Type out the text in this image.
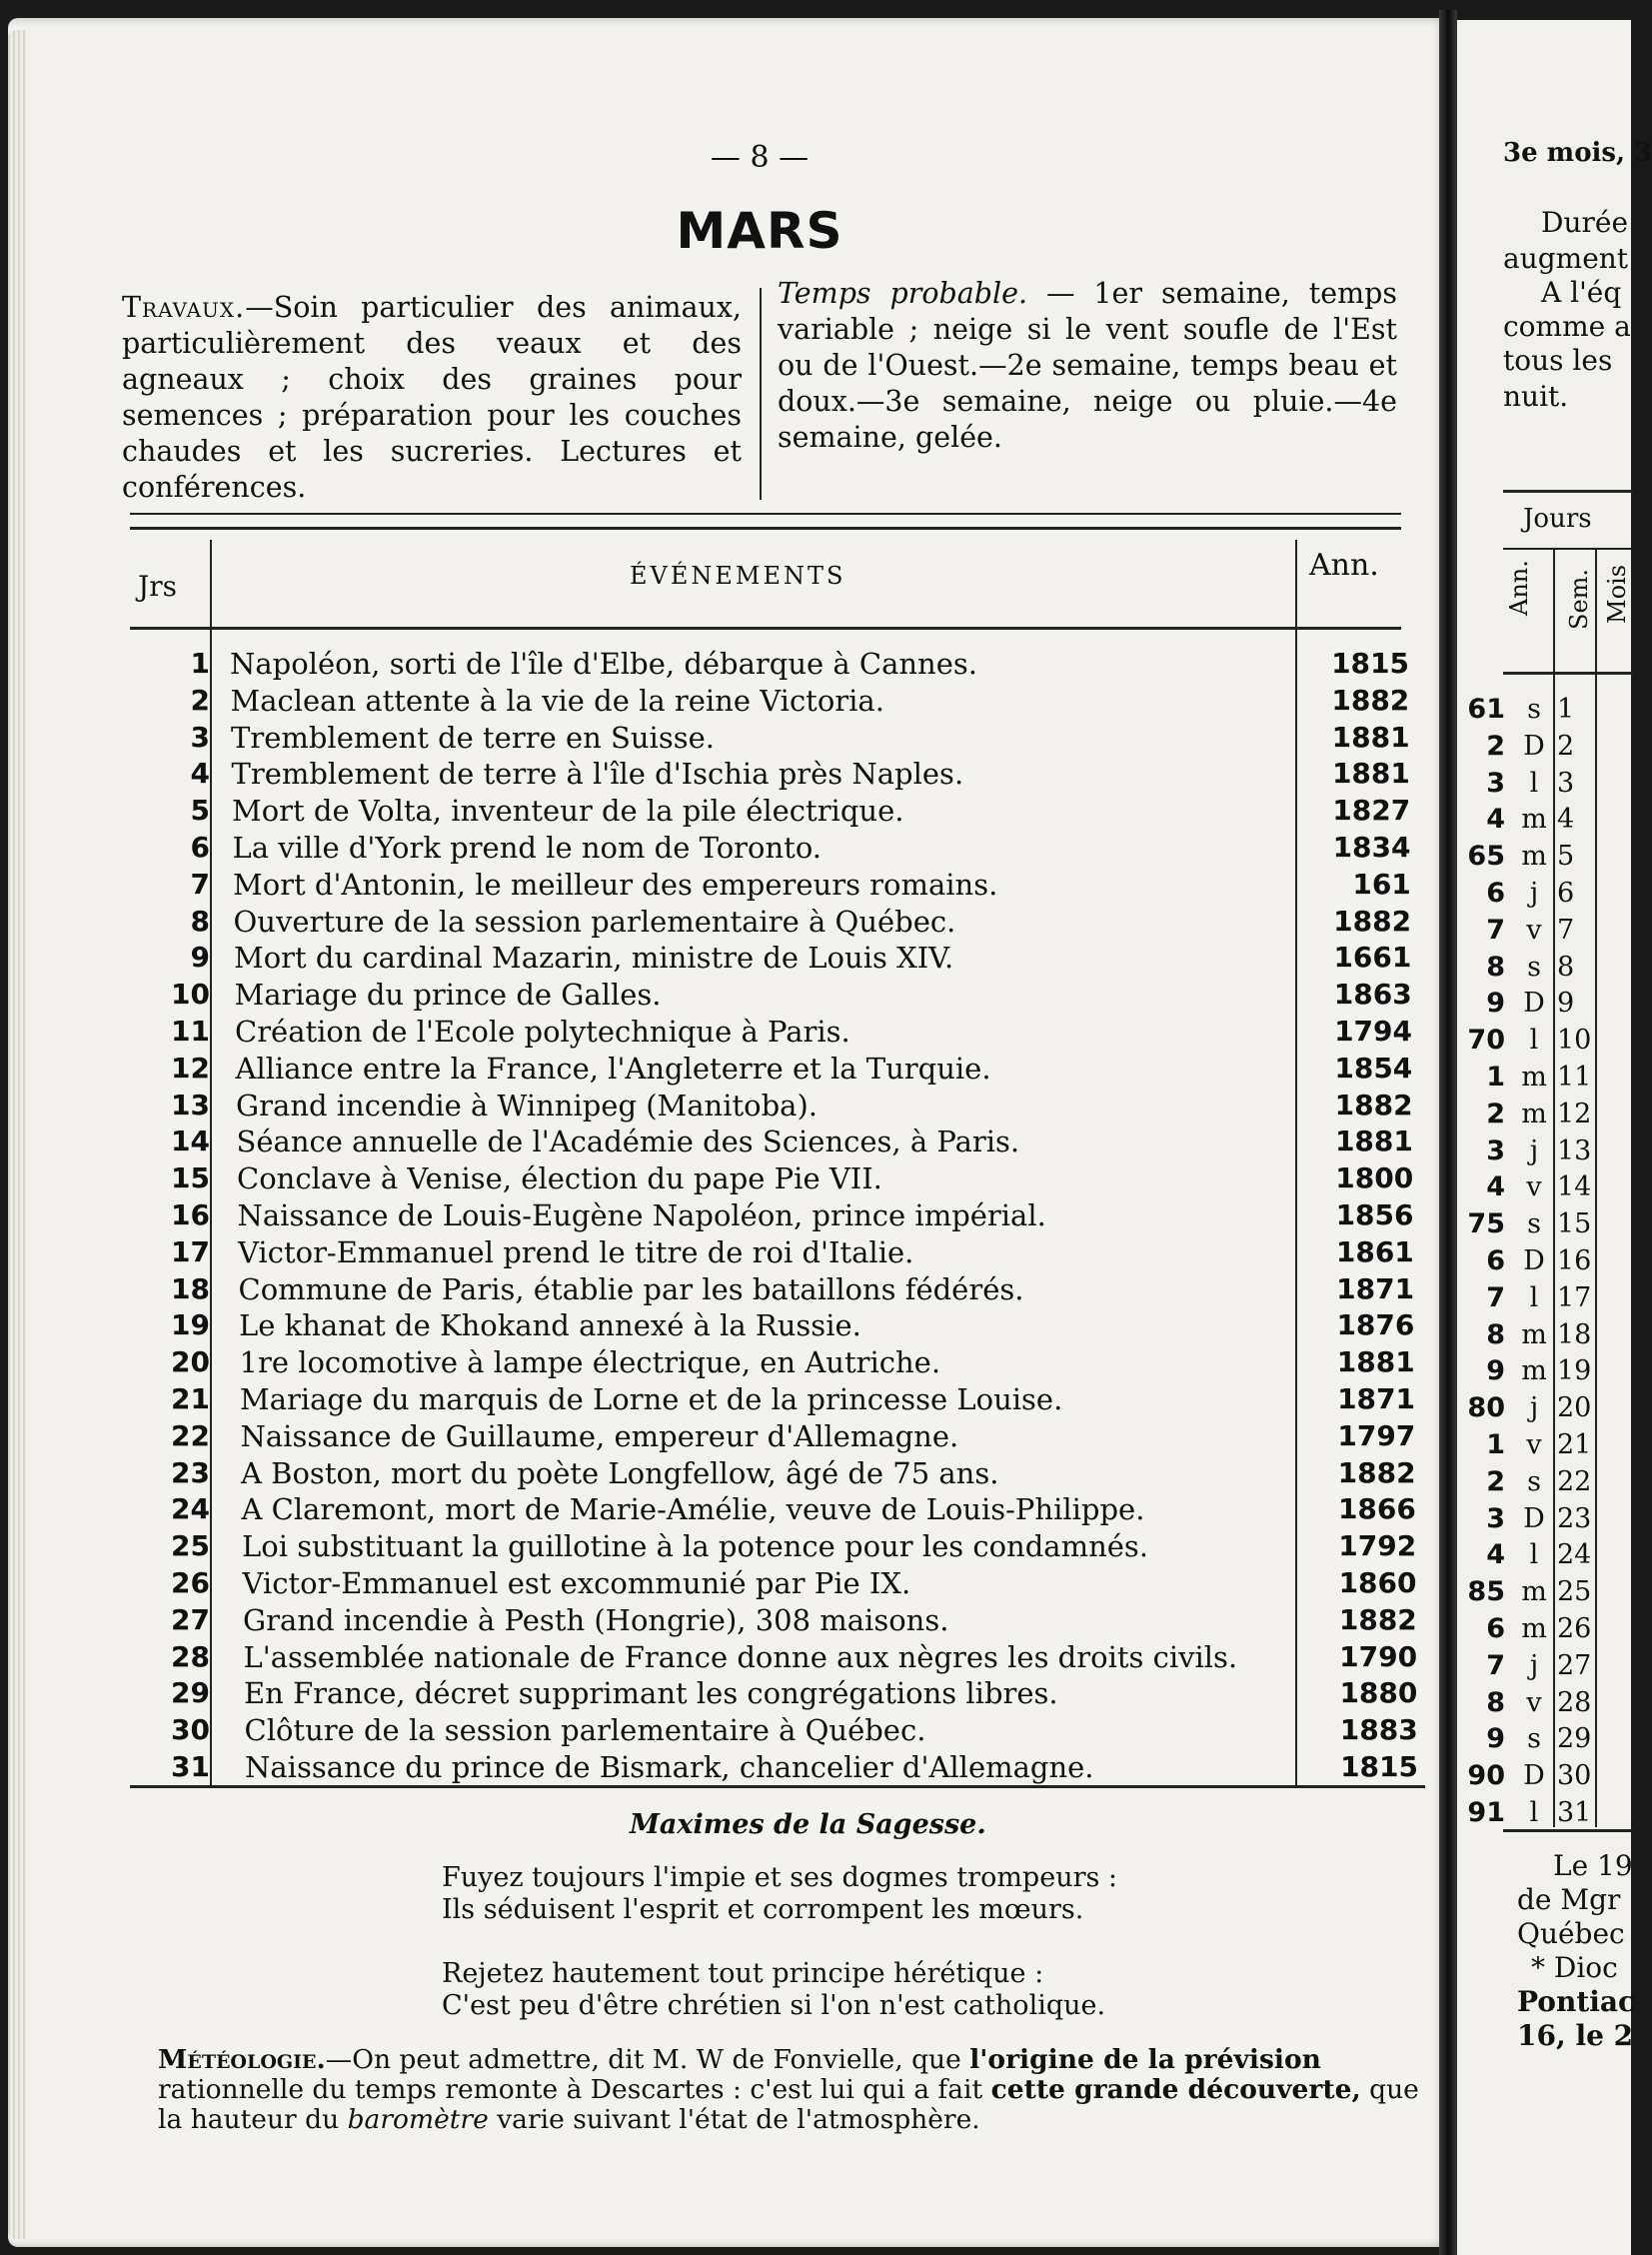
— 8 —
MARS
Travaux.—Soin particulier des animaux, particulièrement des veaux et des agneaux ; choix des graines pour semences ; préparation pour les couches chaudes et les sucreries. Lectures et conférences.
Temps probable. — 1er semaine, temps variable ; neige si le vent soufle de l'Est ou de l'Ouest.—2e semaine, temps beau et doux.—3e semaine, neige ou pluie.—4e semaine, gelée.
Jrs	ÉVÉNEMENTS	Ann.
1 Napoléon, sorti de l'île d'Elbe, débarque à Cannes.	1815
2 Maclean attente à la vie de la reine Victoria.	1882
3 Tremblement de terre en Suisse.	1881
4 Tremblement de terre à l'île d'Ischia près Naples.	1881
5 Mort de Volta, inventeur de la pile électrique.	1827
6 La ville d'York prend le nom de Toronto.	1834
7 Mort d'Antonin, le meilleur des empereurs romains.	161
8 Ouverture de la session parlementaire à Québec.	1882
9 Mort du cardinal Mazarin, ministre de Louis XIV.	1661
10 Mariage du prince de Galles.	1863
11 Création de l'Ecole polytechnique à Paris.	1794
12 Alliance entre la France, l'Angleterre et la Turquie.	1854
13 Grand incendie à Winnipeg (Manitoba).	1882
14 Séance annuelle de l'Académie des Sciences, à Paris.	1881
15 Conclave à Venise, élection du pape Pie VII.	1800
16 Naissance de Louis-Eugène Napoléon, prince impérial.	1856
17 Victor-Emmanuel prend le titre de roi d'Italie.	1861
18 Commune de Paris, établie par les bataillons fédérés.	1871
19 Le khanat de Khokand annexé à la Russie.	1876
20 1re locomotive à lampe électrique, en Autriche.	1881
21 Mariage du marquis de Lorne et de la princesse Louise.	1871
22 Naissance de Guillaume, empereur d'Allemagne.	1797
23 A Boston, mort du poète Longfellow, âgé de 75 ans.	1882
24 A Claremont, mort de Marie-Amélie, veuve de Louis-Philippe.	1866
25 Loi substituant la guillotine à la potence pour les condamnés.	1792
26 Victor-Emmanuel est excommunié par Pie IX.	1860
27 Grand incendie à Pesth (Hongrie), 308 maisons.	1882
28 L'assemblée nationale de France donne aux nègres les droits civils.	1790
29 En France, décret supprimant les congrégations libres.	1880
30 Clôture de la session parlementaire à Québec.	1883
31 Naissance du prince de Bismark, chancelier d'Allemagne.	1815
Maximes de la Sagesse.
Fuyez toujours l'impie et ses dogmes trompeurs :
Ils séduisent l'esprit et corrompent les mœurs.
Rejetez hautement tout principe hérétique :
C'est peu d'être chrétien si l'on n'est catholique.
Météologie.—On peut admettre, dit M. W de Fonvielle, que l'origine de la prévision rationnelle du temps remonte à Descartes : c'est lui qui a fait cette grande découverte, que la hauteur du baromètre varie suivant l'état de l'atmosphère.
3e mois, 3
Durée
augment
A l'éq
comme a
tous les
nuit.
Jours
Ann. Sem. Mois
61 s 1
2 D 2
3 l 3
4 m 4
65 m 5
6 j 6
7 v 7
8 s 8
9 D 9
70 l 10
1 m 11
2 m 12
3 j 13
4 v 14
75 s 15
6 D 16
7 l 17
8 m 18
9 m 19
80 j 20
1 v 21
2 s 22
3 D 23
4 l 24
85 m 25
6 m 26
7 j 27
8 v 28
9 s 29
90 D 30
91 l 31
Le 19
de Mgr
Québec
* Dioc
Pontiac
16, le 2
